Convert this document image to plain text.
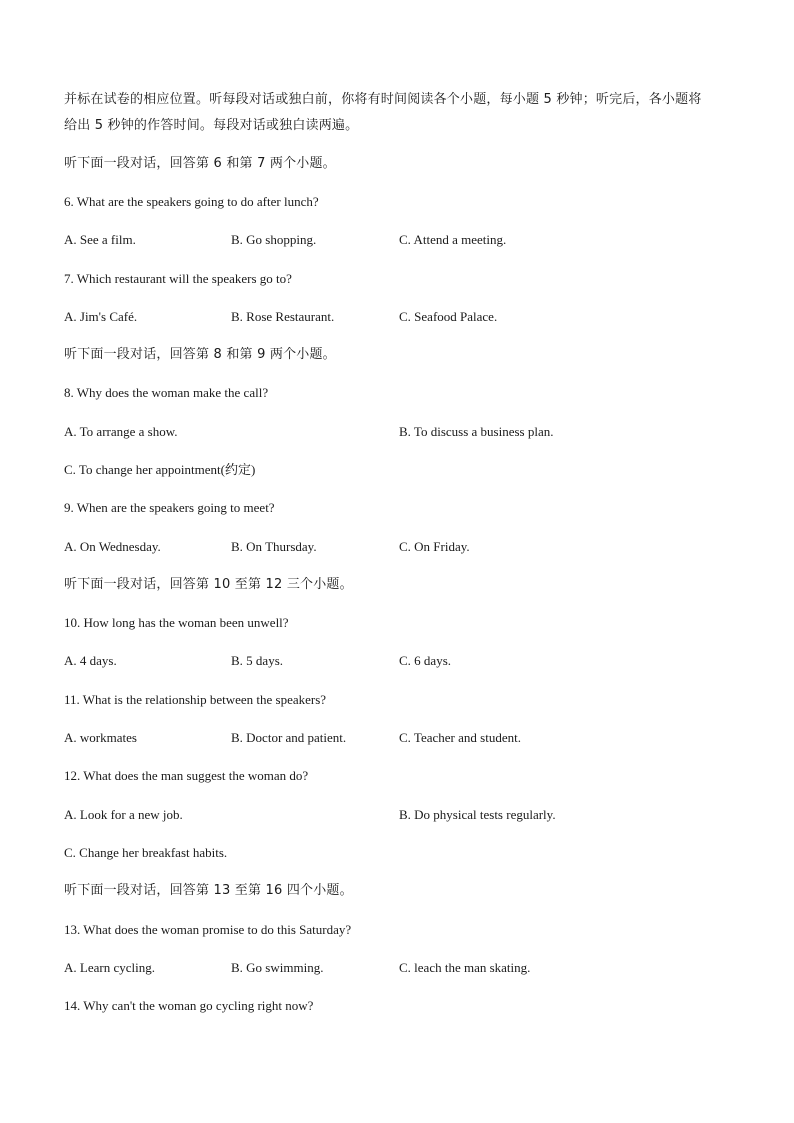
并标在试卷的相应位置。听每段对话或独白前，你将有时间阅读各个小题，每小题 5 秒钟；听完后，各小题将
给出 5 秒钟的作答时间。每段对话或独白读两遍。
听下面一段对话，回答第 6 和第 7 两个小题。
6. What are the speakers going to do after lunch?
A. See a film.	B. Go shopping.	C. Attend a meeting.
7. Which restaurant will the speakers go to?
A. Jim's Café.	B. Rose Restaurant.	C. Seafood Palace.
听下面一段对话，回答第 8 和第 9 两个小题。
8. Why does the woman make the call?
A. To arrange a show.	B. To discuss a business plan.
C. To change her appointment(约定)
9. When are the speakers going to meet?
A. On Wednesday.	B. On Thursday.	C. On Friday.
听下面一段对话，回答第 10 至第 12 三个小题。
10. How long has the woman been unwell?
A. 4 days.	B. 5 days.	C. 6 days.
11. What is the relationship between the speakers?
A. workmates	B. Doctor and patient.	C. Teacher and student.
12. What does the man suggest the woman do?
A. Look for a new job.	B. Do physical tests regularly.
C. Change her breakfast habits.
听下面一段对话，回答第 13 至第 16 四个小题。
13. What does the woman promise to do this Saturday?
A. Learn cycling.	B. Go swimming.	C. leach the man skating.
14. Why can't the woman go cycling right now?
